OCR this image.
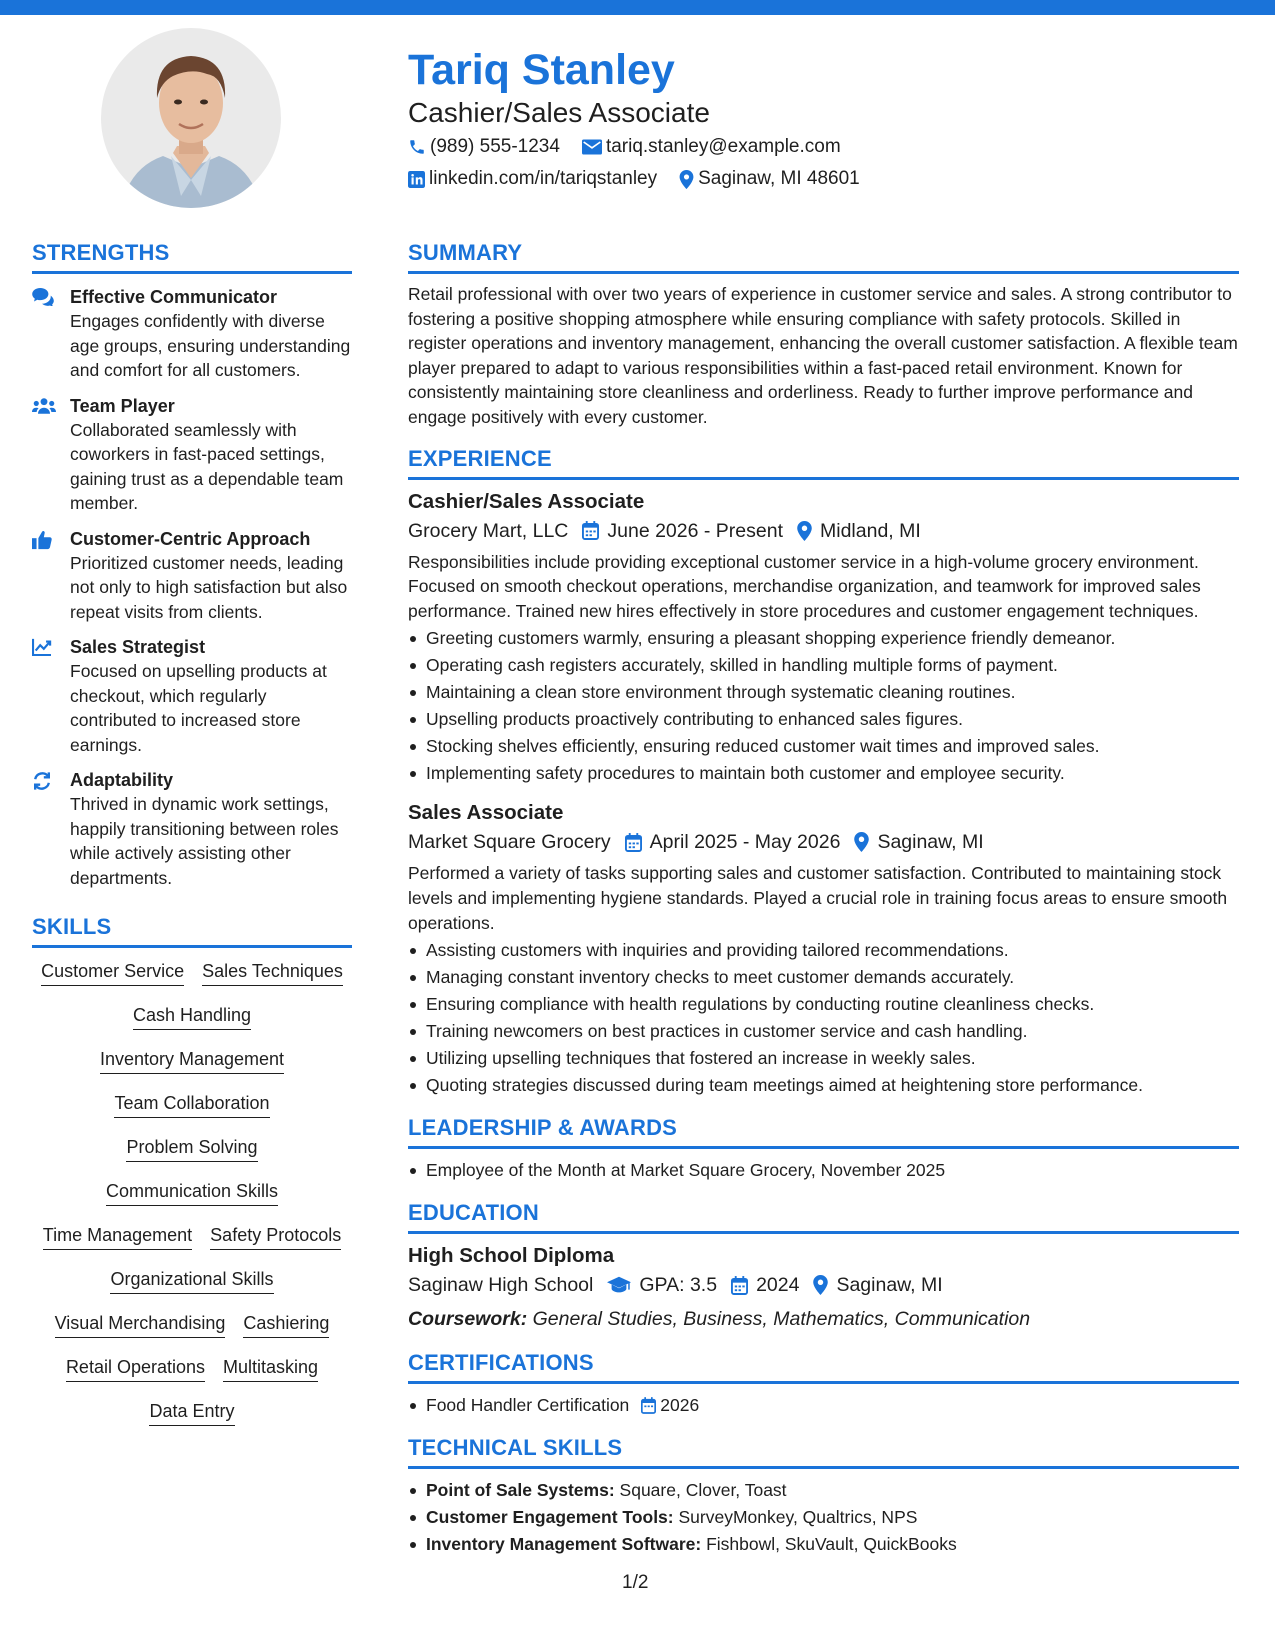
Tariq Stanley
Cashier/Sales Associate
(989) 555-1234 tariq.stanley@example.com
linkedin.com/in/tariqstanley Saginaw, MI 48601
STRENGTHS
Effective Communicator
Engages confidently with diverse age groups, ensuring understanding and comfort for all customers.
Team Player
Collaborated seamlessly with coworkers in fast-paced settings, gaining trust as a dependable team member.
Customer-Centric Approach
Prioritized customer needs, leading not only to high satisfaction but also repeat visits from clients.
Sales Strategist
Focused on upselling products at checkout, which regularly contributed to increased store earnings.
Adaptability
Thrived in dynamic work settings, happily transitioning between roles while actively assisting other departments.
SKILLS
Customer Service Sales Techniques
Cash Handling
Inventory Management
Team Collaboration
Problem Solving
Communication Skills
Time Management Safety Protocols
Organizational Skills
Visual Merchandising Cashiering
Retail Operations Multitasking
Data Entry
SUMMARY
Retail professional with over two years of experience in customer service and sales. A strong contributor to fostering a positive shopping atmosphere while ensuring compliance with safety protocols. Skilled in register operations and inventory management, enhancing the overall customer satisfaction. A flexible team player prepared to adapt to various responsibilities within a fast-paced retail environment. Known for consistently maintaining store cleanliness and orderliness. Ready to further improve performance and engage positively with every customer.
EXPERIENCE
Cashier/Sales Associate
Grocery Mart, LLC June 2026 - Present Midland, MI
Responsibilities include providing exceptional customer service in a high-volume grocery environment. Focused on smooth checkout operations, merchandise organization, and teamwork for improved sales performance. Trained new hires effectively in store procedures and customer engagement techniques.
Greeting customers warmly, ensuring a pleasant shopping experience friendly demeanor.
Operating cash registers accurately, skilled in handling multiple forms of payment.
Maintaining a clean store environment through systematic cleaning routines.
Upselling products proactively contributing to enhanced sales figures.
Stocking shelves efficiently, ensuring reduced customer wait times and improved sales.
Implementing safety procedures to maintain both customer and employee security.
Sales Associate
Market Square Grocery April 2025 - May 2026 Saginaw, MI
Performed a variety of tasks supporting sales and customer satisfaction. Contributed to maintaining stock levels and implementing hygiene standards. Played a crucial role in training focus areas to ensure smooth operations.
Assisting customers with inquiries and providing tailored recommendations.
Managing constant inventory checks to meet customer demands accurately.
Ensuring compliance with health regulations by conducting routine cleanliness checks.
Training newcomers on best practices in customer service and cash handling.
Utilizing upselling techniques that fostered an increase in weekly sales.
Quoting strategies discussed during team meetings aimed at heightening store performance.
LEADERSHIP & AWARDS
Employee of the Month at Market Square Grocery, November 2025
EDUCATION
High School Diploma
Saginaw High School GPA: 3.5 2024 Saginaw, MI
Coursework: General Studies, Business, Mathematics, Communication
CERTIFICATIONS
Food Handler Certification 2026
TECHNICAL SKILLS
Point of Sale Systems: Square, Clover, Toast
Customer Engagement Tools: SurveyMonkey, Qualtrics, NPS
Inventory Management Software: Fishbowl, SkuVault, QuickBooks
1/2
